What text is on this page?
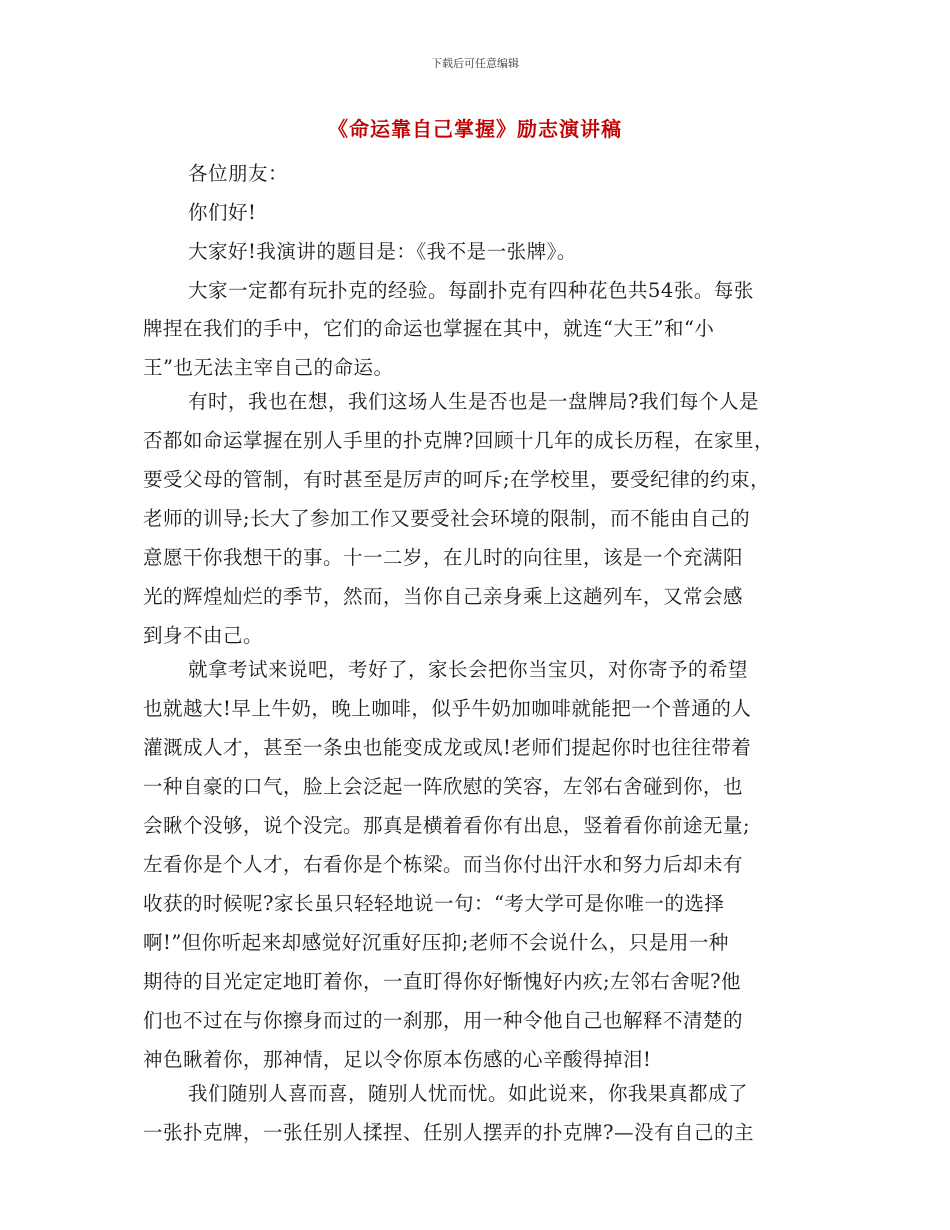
下载后可任意编辑
《命运靠自己掌握》励志演讲稿
各位朋友：
你们好!
大家好!我演讲的题目是：《我不是一张牌》。
大家一定都有玩扑克的经验。每副扑克有四种花色共54张。每张
牌捏在我们的手中，它们的命运也掌握在其中，就连“大王”和“小
王”也无法主宰自己的命运。
有时，我也在想，我们这场人生是否也是一盘牌局?我们每个人是
否都如命运掌握在别人手里的扑克牌?回顾十几年的成长历程，在家里，
要受父母的管制，有时甚至是厉声的呵斥;在学校里，要受纪律的约束，
老师的训导;长大了参加工作又要受社会环境的限制，而不能由自己的
意愿干你我想干的事。十一二岁，在儿时的向往里，该是一个充满阳
光的辉煌灿烂的季节，然而，当你自己亲身乘上这趟列车，又常会感
到身不由己。
就拿考试来说吧，考好了，家长会把你当宝贝，对你寄予的希望
也就越大!早上牛奶，晚上咖啡，似乎牛奶加咖啡就能把一个普通的人
灌溉成人才，甚至一条虫也能变成龙或凤!老师们提起你时也往往带着
一种自豪的口气，脸上会泛起一阵欣慰的笑容，左邻右舍碰到你，也
会瞅个没够，说个没完。那真是横着看你有出息，竖着看你前途无量;
左看你是个人才，右看你是个栋梁。而当你付出汗水和努力后却未有
收获的时候呢?家长虽只轻轻地说一句：“考大学可是你唯一的选择
啊!”但你听起来却感觉好沉重好压抑;老师不会说什么，只是用一种
期待的目光定定地盯着你，一直盯得你好惭愧好内疚;左邻右舍呢?他
们也不过在与你擦身而过的一刹那，用一种令他自己也解释不清楚的
神色瞅着你，那神情，足以令你原本伤感的心辛酸得掉泪!
我们随别人喜而喜，随别人忧而忧。如此说来，你我果真都成了
一张扑克牌，一张任别人揉捏、任别人摆弄的扑克牌?—没有自己的主
